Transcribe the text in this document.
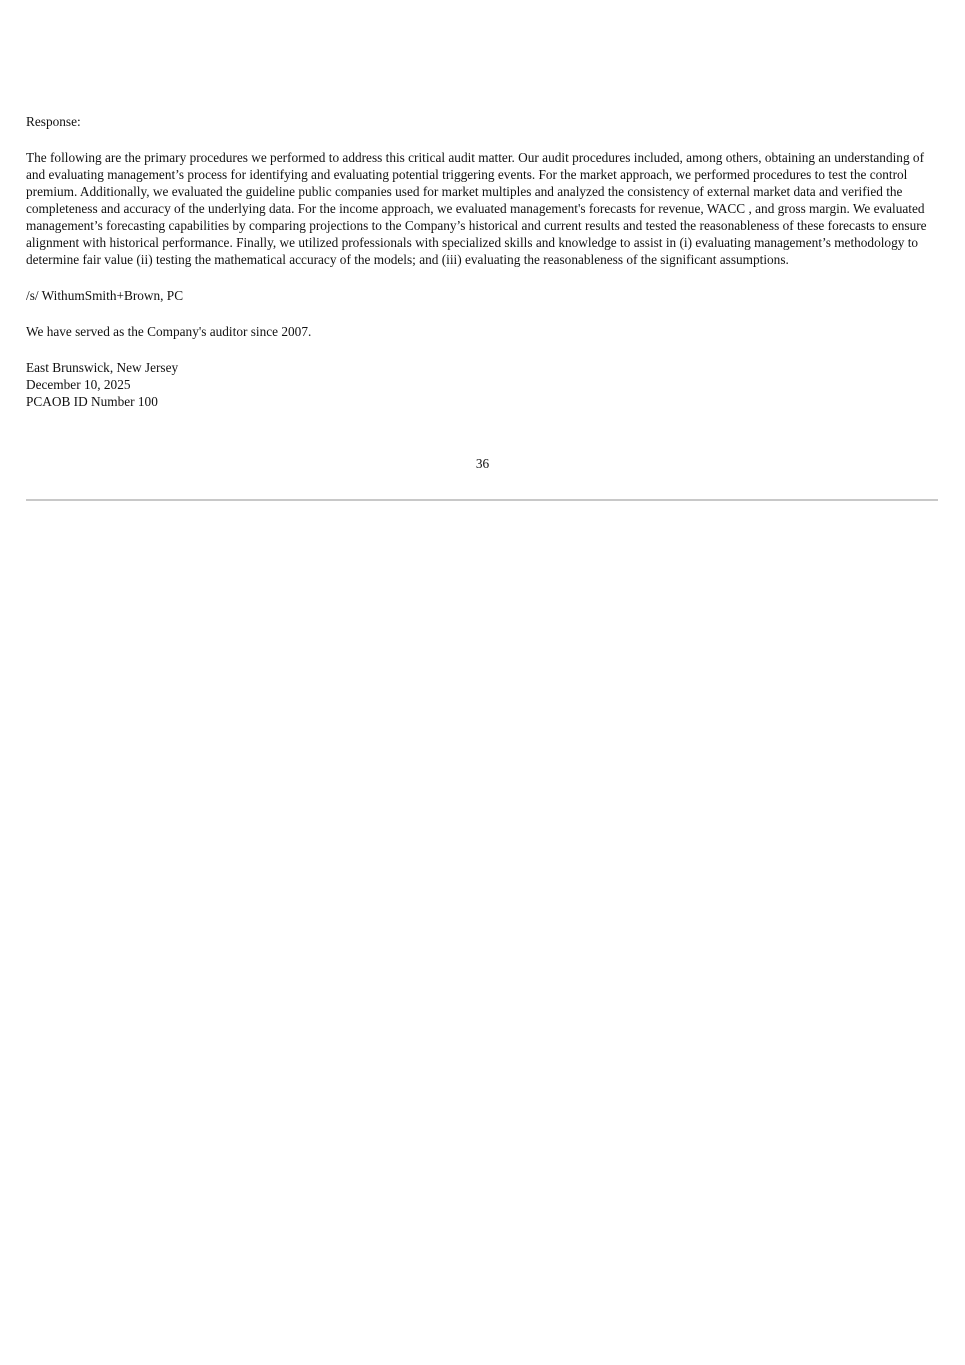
Response:

The following are the primary procedures we performed to address this critical audit matter. Our audit procedures included, among others, obtaining an understanding of and evaluating management’s process for identifying and evaluating potential triggering events. For the market approach, we performed procedures to test the control premium. Additionally, we evaluated the guideline public companies used for market multiples and analyzed the consistency of external market data and verified the completeness and accuracy of the underlying data. For the income approach, we evaluated management's forecasts for revenue, WACC , and gross margin. We evaluated management’s forecasting capabilities by comparing projections to the Company’s historical and current results and tested the reasonableness of these forecasts to ensure alignment with historical performance. Finally, we utilized professionals with specialized skills and knowledge to assist in (i) evaluating management’s methodology to determine fair value (ii) testing the mathematical accuracy of the models; and (iii) evaluating the reasonableness of the significant assumptions.

/s/ WithumSmith+Brown, PC

We have served as the Company's auditor since 2007.

East Brunswick, New Jersey
December 10, 2025
PCAOB ID Number 100
36
